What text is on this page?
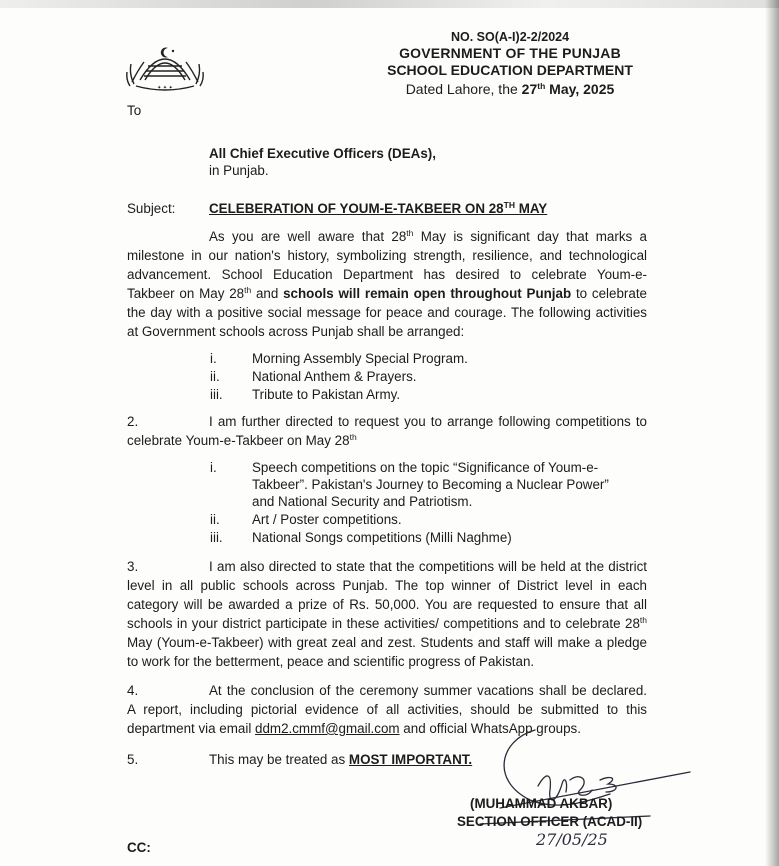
✦ ✦ ✦
NO. SO(A-I)2-2/2024
GOVERNMENT OF THE PUNJAB
SCHOOL EDUCATION DEPARTMENT
Dated Lahore, the 27th May, 2025
To
All Chief Executive Officers (DEAs),
in Punjab.
Subject:	CELEBERATION OF YOUM-E-TAKBEER ON 28TH MAY
As you are well aware that 28th May is significant day that marks a
milestone in our nation's history, symbolizing strength, resilience, and technological
advancement. School Education Department has desired to celebrate Youm-e-
Takbeer on May 28th and schools will remain open throughout Punjab to celebrate
the day with a positive social message for peace and courage. The following activities
at Government schools across Punjab shall be arranged:
i.	Morning Assembly Special Program.
ii. National Anthem & Prayers.
iii. Tribute to Pakistan Army.
2.	I am further directed to request you to arrange following competitions to
celebrate Youm-e-Takbeer on May 28th
i.	Speech competitions on the topic “Significance of Youm-e-
Takbeer”. Pakistan's Journey to Becoming a Nuclear Power”
and National Security and Patriotism.
ii. Art / Poster competitions.
iii. National Songs competitions (Milli Naghme)
3.	I am also directed to state that the competitions will be held at the district
level in all public schools across Punjab. The top winner of District level in each
category will be awarded a prize of Rs. 50,000. You are requested to ensure that all
schools in your district participate in these activities/ competitions and to celebrate 28th
May (Youm-e-Takbeer) with great zeal and zest. Students and staff will make a pledge
to work for the betterment, peace and scientific progress of Pakistan.
4.	At the conclusion of the ceremony summer vacations shall be declared.
A report, including pictorial evidence of all activities, should be submitted to this
department via email ddm2.cmmf@gmail.com and official WhatsApp groups.
5.	This may be treated as MOST IMPORTANT.
(MUHAMMAD AKBAR)
SECTION OFFICER (ACAD-II)
27/05/25
CC:
